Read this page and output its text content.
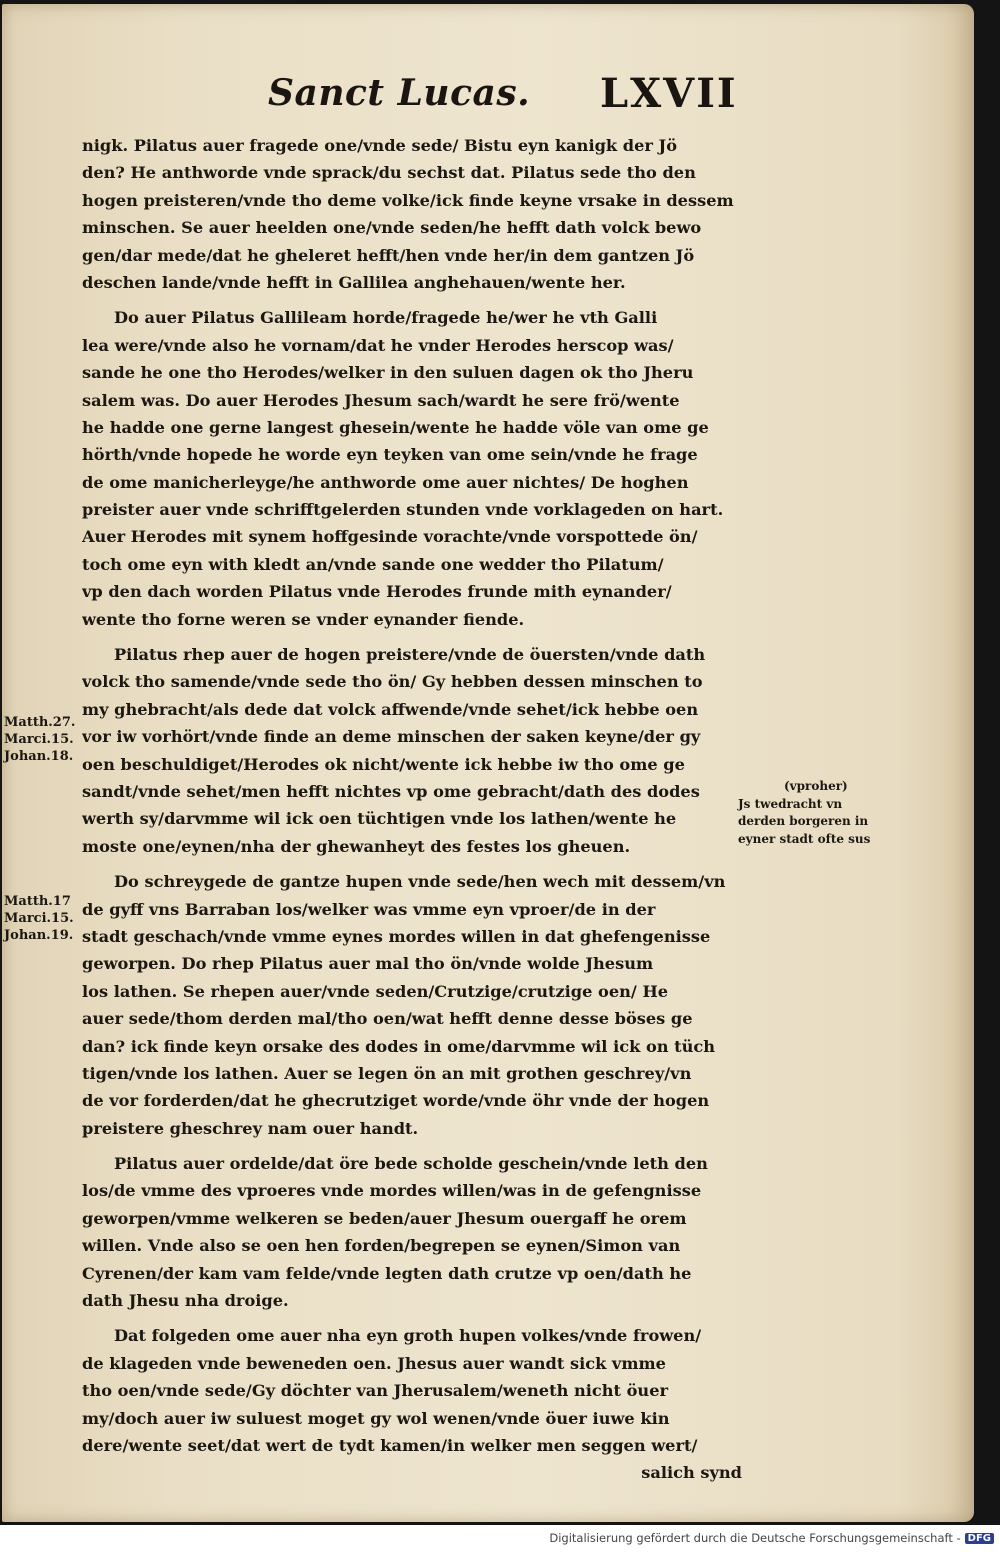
Sanct Lucas. LXVII
nigk. Pilatus auer fragede one/vnde sede/ Bistu eyn kanigk der Jö
den? He anthworde vnde sprack/du sechst dat. Pilatus sede tho den
hogen preisteren/vnde tho deme volke/ick finde keyne vrsake in dessem
minschen. Se auer heelden one/vnde seden/he hefft dath volck bewo
gen/dar mede/dat he gheleret hefft/hen vnde her/in dem gantzen Jö
deschen lande/vnde hefft in Gallilea anghehauen/wente her.
Do auer Pilatus Gallileam horde/fragede he/wer he vth Galli
lea were/vnde also he vornam/dat he vnder Herodes herscop was/
sande he one tho Herodes/welker in den suluen dagen ok tho Jheru
salem was. Do auer Herodes Jhesum sach/wardt he sere frö/wente
he hadde one gerne langest ghesein/wente he hadde völe van ome ge
hörth/vnde hopede he worde eyn teyken van ome sein/vnde he frage
de ome manicherleyge/he anthworde ome auer nichtes/ De hoghen
preister auer vnde schrifftgelerden stunden vnde vorklageden on hart.
Auer Herodes mit synem hoffgesinde vorachte/vnde vorspottede ön/
toch ome eyn with kledt an/vnde sande one wedder tho Pilatum/
vp den dach worden Pilatus vnde Herodes frunde mith eynander/
wente tho forne weren se vnder eynander fiende.
Pilatus rhep auer de hogen preistere/vnde de öuersten/vnde dath
volck tho samende/vnde sede tho ön/ Gy hebben dessen minschen to
my ghebracht/als dede dat volck affwende/vnde sehet/ick hebbe oen
vor iw vorhört/vnde finde an deme minschen der saken keyne/der gy
oen beschuldiget/Herodes ok nicht/wente ick hebbe iw tho ome ge
sandt/vnde sehet/men hefft nichtes vp ome gebracht/dath des dodes
werth sy/darvmme wil ick oen tüchtigen vnde los lathen/wente he
moste one/eynen/nha der ghewanheyt des festes los gheuen.
Do schreygede de gantze hupen vnde sede/hen wech mit dessem/vn
de gyff vns Barraban los/welker was vmme eyn vproer/de in der
stadt geschach/vnde vmme eynes mordes willen in dat ghefengenisse
geworpen. Do rhep Pilatus auer mal tho ön/vnde wolde Jhesum
los lathen. Se rhepen auer/vnde seden/Crutzige/crutzige oen/ He
auer sede/thom derden mal/tho oen/wat hefft denne desse böses ge
dan? ick finde keyn orsake des dodes in ome/darvmme wil ick on tüch
tigen/vnde los lathen. Auer se legen ön an mit grothen geschrey/vn
de vor forderden/dat he ghecrutziget worde/vnde öhr vnde der hogen
preistere gheschrey nam ouer handt.
Pilatus auer ordelde/dat öre bede scholde geschein/vnde leth den
los/de vmme des vproeres vnde mordes willen/was in de gefengnisse
geworpen/vmme welkeren se beden/auer Jhesum ouergaff he orem
willen. Vnde also se oen hen forden/begrepen se eynen/Simon van
Cyrenen/der kam vam felde/vnde legten dath crutze vp oen/dath he
dath Jhesu nha droige.
Dat folgeden ome auer nha eyn groth hupen volkes/vnde frowen/
de klageden vnde beweneden oen. Jhesus auer wandt sick vmme
tho oen/vnde sede/Gy döchter van Jherusalem/weneth nicht öuer
my/doch auer iw suluest moget gy wol wenen/vnde öuer iuwe kin
dere/wente seet/dat wert de tydt kamen/in welker men seggen wert/
salich synd
Matth.27.
Marci.15.
Johan.18.
Matth.17
Marci.15.
Johan.19.
(vproher)
Js twedracht vn
derden borgeren in
eyner stadt ofte sus
Digitalisierung gefördert durch die Deutsche Forschungsgemeinschaft - DFG
